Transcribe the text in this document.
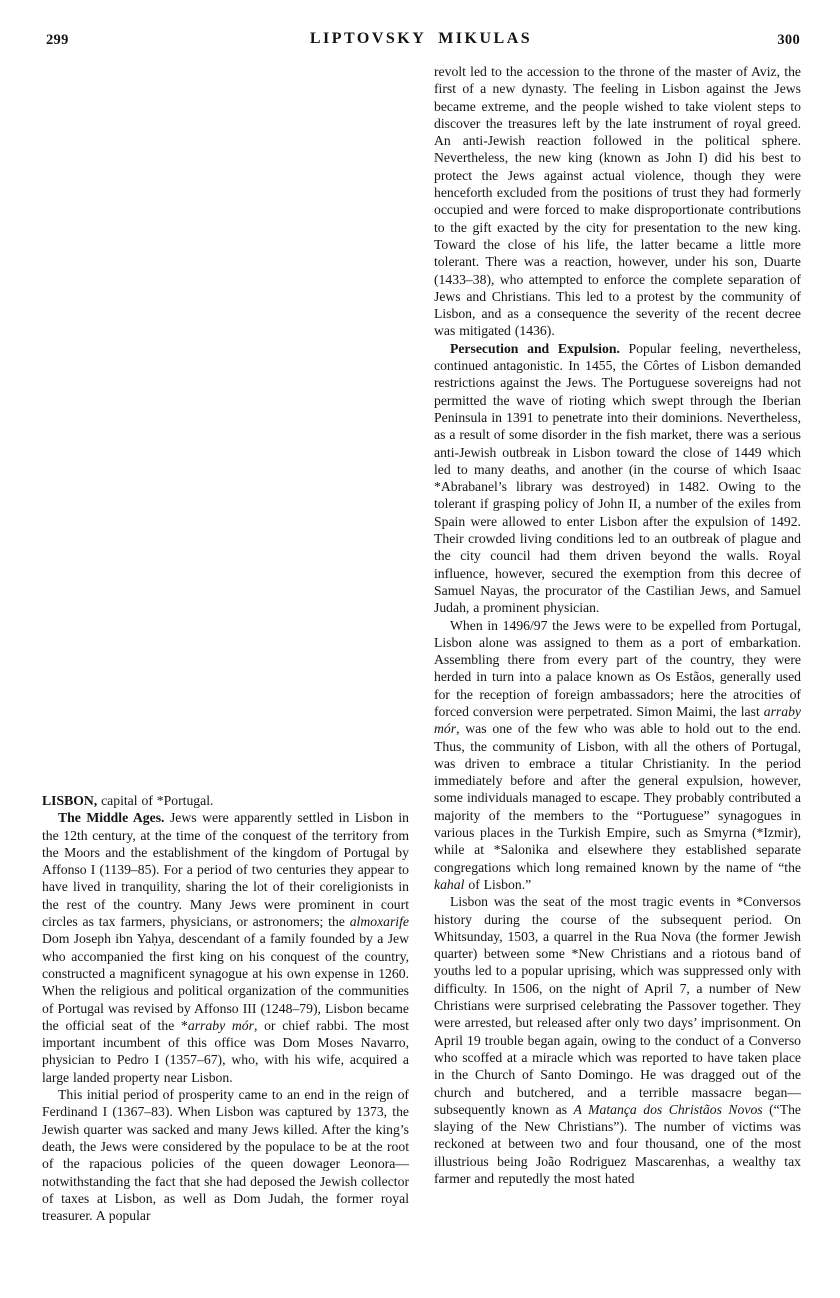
299	LIPTOVSKY MIKULAS	300

LISBON, capital of *Portugal.

The Middle Ages. Jews were apparently settled in Lisbon in the 12th century, at the time of the conquest of the territory from the Moors and the establishment of the kingdom of Portugal by Affonso I (1139–85). For a period of two centuries they appear to have lived in tranquility, sharing the lot of their coreligionists in the rest of the country. Many Jews were prominent in court circles as tax farmers, physicians, or astronomers; the almoxarife Dom Joseph ibn Yaḥya, descendant of a family founded by a Jew who accompanied the first king on his conquest of the country, constructed a magnificent synagogue at his own expense in 1260. When the religious and political organization of the communities of Portugal was revised by Affonso III (1248–79), Lisbon became the official seat of the *arraby mór, or chief rabbi. The most important incumbent of this office was Dom Moses Navarro, physician to Pedro I (1357–67), who, with his wife, acquired a large landed property near Lisbon.

This initial period of prosperity came to an end in the reign of Ferdinand I (1367–83). When Lisbon was captured by 1373, the Jewish quarter was sacked and many Jews killed. After the king’s death, the Jews were considered by the populace to be at the root of the rapacious policies of the queen dowager Leonora—notwithstanding the fact that she had deposed the Jewish collector of taxes at Lisbon, as well as Dom Judah, the former royal treasurer. A popular

revolt led to the accession to the throne of the master of Aviz, the first of a new dynasty. The feeling in Lisbon against the Jews became extreme, and the people wished to take violent steps to discover the treasures left by the late instrument of royal greed. An anti-Jewish reaction followed in the political sphere. Nevertheless, the new king (known as John I) did his best to protect the Jews against actual violence, though they were henceforth excluded from the positions of trust they had formerly occupied and were forced to make disproportionate contributions to the gift exacted by the city for presentation to the new king. Toward the close of his life, the latter became a little more tolerant. There was a reaction, however, under his son, Duarte (1433–38), who attempted to enforce the complete separation of Jews and Christians. This led to a protest by the community of Lisbon, and as a consequence the severity of the recent decree was mitigated (1436).

Persecution and Expulsion. Popular feeling, nevertheless, continued antagonistic. In 1455, the Côrtes of Lisbon demanded restrictions against the Jews. The Portuguese sovereigns had not permitted the wave of rioting which swept through the Iberian Peninsula in 1391 to penetrate into their dominions. Nevertheless, as a result of some disorder in the fish market, there was a serious anti-Jewish outbreak in Lisbon toward the close of 1449 which led to many deaths, and another (in the course of which Isaac *Abrabanel’s library was destroyed) in 1482. Owing to the tolerant if grasping policy of John II, a number of the exiles from Spain were allowed to enter Lisbon after the expulsion of 1492. Their crowded living conditions led to an outbreak of plague and the city council had them driven beyond the walls. Royal influence, however, secured the exemption from this decree of Samuel Nayas, the procurator of the Castilian Jews, and Samuel Judah, a prominent physician.

When in 1496/97 the Jews were to be expelled from Portugal, Lisbon alone was assigned to them as a port of embarkation. Assembling there from every part of the country, they were herded in turn into a palace known as Os Estãos, generally used for the reception of foreign ambassadors; here the atrocities of forced conversion were perpetrated. Simon Maimi, the last arraby mór, was one of the few who was able to hold out to the end. Thus, the community of Lisbon, with all the others of Portugal, was driven to embrace a titular Christianity. In the period immediately before and after the general expulsion, however, some individuals managed to escape. They probably contributed a majority of the members to the “Portuguese” synagogues in various places in the Turkish Empire, such as Smyrna (*Izmir), while at *Salonika and elsewhere they established separate congregations which long remained known by the name of “the kahal of Lisbon.”

Lisbon was the seat of the most tragic events in *Conversos history during the course of the subsequent period. On Whitsunday, 1503, a quarrel in the Rua Nova (the former Jewish quarter) between some *New Christians and a riotous band of youths led to a popular uprising, which was suppressed only with difficulty. In 1506, on the night of April 7, a number of New Christians were surprised celebrating the Passover together. They were arrested, but released after only two days’ imprisonment. On April 19 trouble began again, owing to the conduct of a Converso who scoffed at a miracle which was reported to have taken place in the Church of Santo Domingo. He was dragged out of the church and butchered, and a terrible massacre began—subsequently known as A Matança dos Christãos Novos (“The slaying of the New Christians”). The number of victims was reckoned at between two and four thousand, one of the most illustrious being João Rodriguez Mascarenhas, a wealthy tax farmer and reputedly the most hated
